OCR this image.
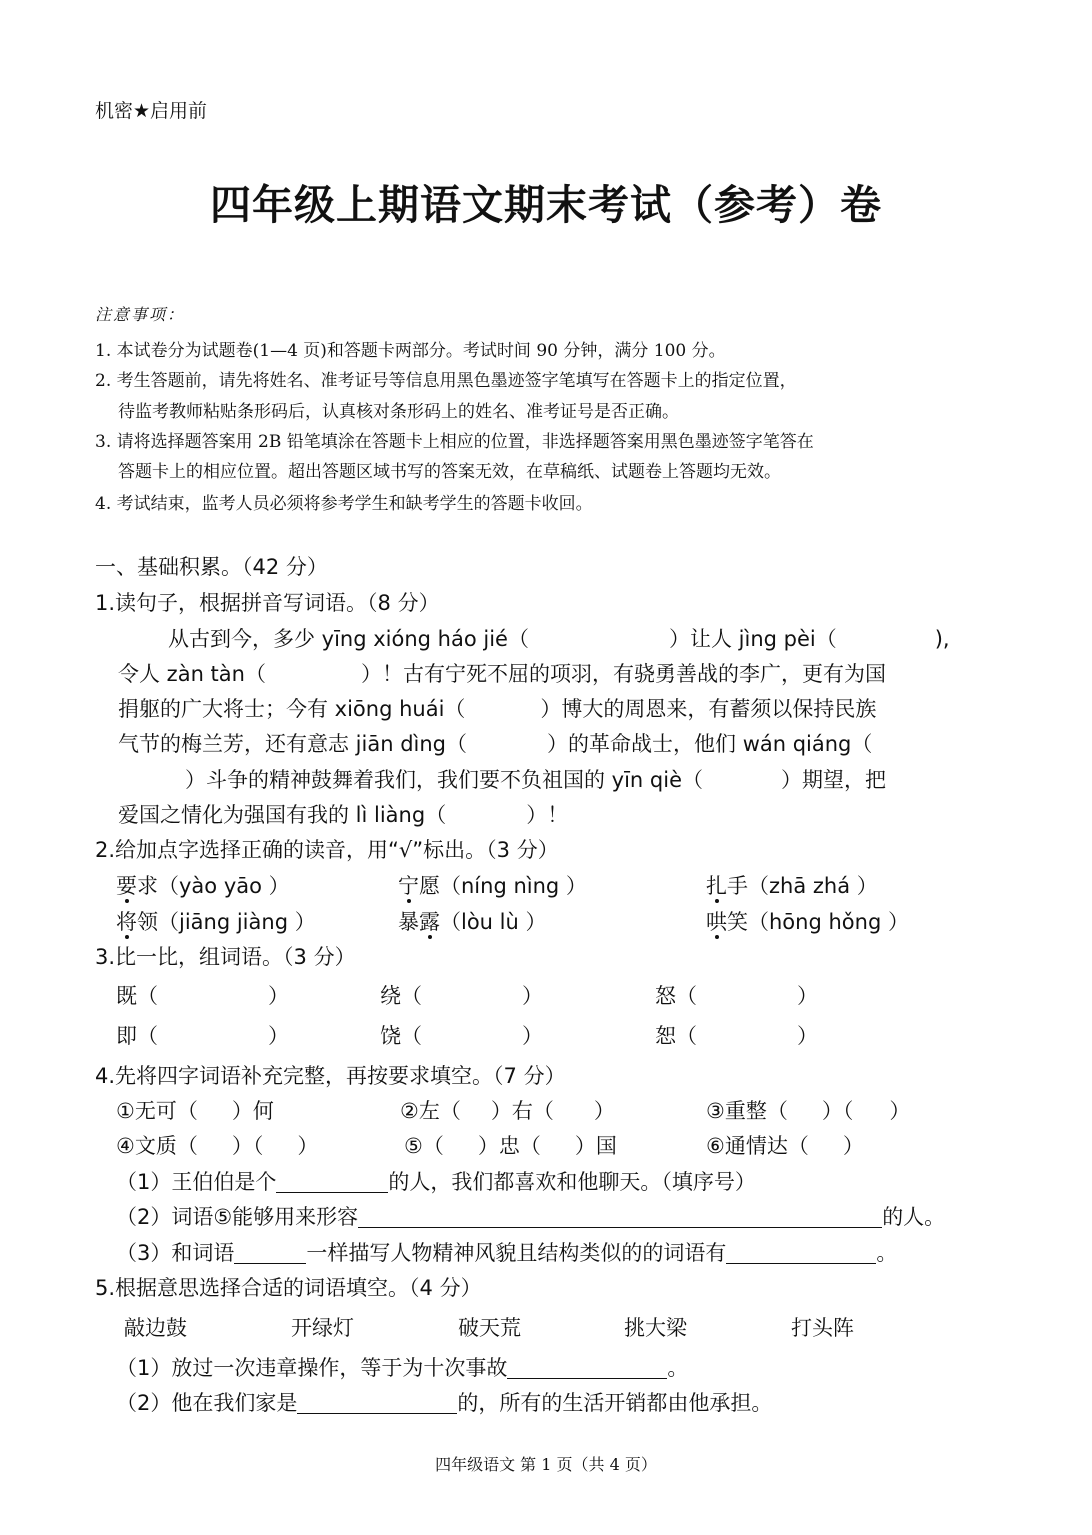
机密★启用前
四年级上期语文期末考试（参考）卷
注意事项：
1. 本试卷分为试题卷(1—4 页)和答题卡两部分。考试时间 90 分钟，满分 100 分。
2. 考生答题前，请先将姓名、准考证号等信息用黑色墨迹签字笔填写在答题卡上的指定位置，
待监考教师粘贴条形码后，认真核对条形码上的姓名、准考证号是否正确。
3. 请将选择题答案用 2B 铅笔填涂在答题卡上相应的位置，非选择题答案用黑色墨迹签字笔答在
答题卡上的相应位置。超出答题区域书写的答案无效，在草稿纸、试题卷上答题均无效。
4. 考试结束，监考人员必须将参考学生和缺考学生的答题卡收回。
一、基础积累。（42 分）
1.读句子，根据拼音写词语。（8 分）
从古到今，多少 yīng xióng háo jié（	）让人 jìng pèi（	),
令人 zàn tàn（	）！古有宁死不屈的项羽，有骁勇善战的李广，更有为国
捐躯的广大将士；今有 xiōng huái（	）博大的周恩来，有蓄须以保持民族
气节的梅兰芳，还有意志 jiān dìng（	）的革命战士，他们 wán qiáng（
）斗争的精神鼓舞着我们，我们要不负祖国的 yīn qiè（	）期望，把
爱国之情化为强国有我的 lì liàng（	）！
2.给加点字选择正确的读音，用“√”标出。（3 分）
要求（yào yāo ）	宁愿（níng nìng ）	扎手（zhā zhá ）
将领（jiāng jiàng ）	暴露（lòu lù ）	哄笑（hōng hǒng ）
3.比一比，组词语。（3 分）
既（	）	绕（	）	怒（	）
即（	）	饶（	）	恕（	）
4.先将四字词语补充完整，再按要求填空。（7 分）
①无可（ ）何	②左（ ）右（ ）	③重整（ ）（ ）
④文质（ ）（ ）	⑤（ ）忠（ ）国	⑥通情达（ ）
（1）王伯伯是个	的人，我们都喜欢和他聊天。（填序号）
（2）词语⑤能够用来形容	的人。
（3）和词语	一样描写人物精神风貌且结构类似的的词语有	。
5.根据意思选择合适的词语填空。（4 分）
敲边鼓	开绿灯	破天荒	挑大梁	打头阵
（1）放过一次违章操作，等于为十次事故	。
（2）他在我们家是	的，所有的生活开销都由他承担。
四年级语文 第 1 页（共 4 页）
